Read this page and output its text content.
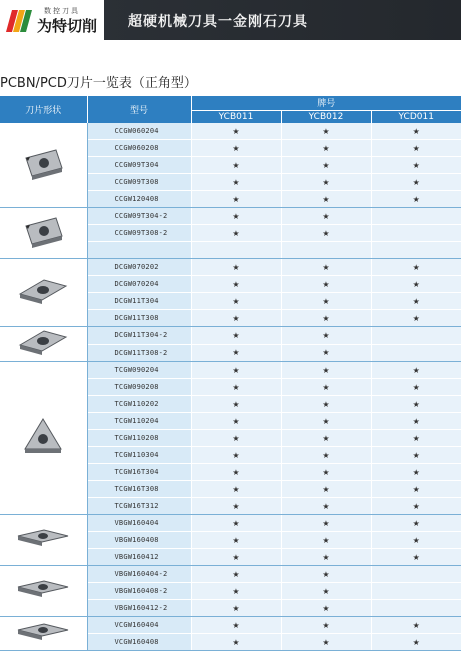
数控刀具
为特切削 超硬机械刀具一金刚石刀具
PCBN/PCD刀片一览表（正角型）
刀片形状	型号	牌号		
		YCB011	YCB012	YCD011
	CCGW060204	★	★	★
	CCGW060208	★	★	★
	CCGW09T304	★	★	★
	CCGW09T308	★	★	★
	CCGW120408	★	★	★
	CCGW09T304-2	★	★	
	CCGW09T308-2	★	★	

	DCGW070202	★	★	★
	DCGW070204	★	★	★
	DCGW11T304	★	★	★
	DCGW11T308	★	★	★
	DCGW11T304-2	★	★	
	DCGW11T308-2	★	★	
	TCGW090204	★	★	★
	TCGW090208	★	★	★
	TCGW110202	★	★	★
	TCGW110204	★	★	★
	TCGW110208	★	★	★
	TCGW110304	★	★	★
	TCGW16T304	★	★	★
	TCGW16T308	★	★	★
	TCGW16T312	★	★	★
	VBGW160404	★	★	★
	VBGW160408	★	★	★
	VBGW160412	★	★	★
	VBGW160404-2	★	★	
	VBGW160408-2	★	★	
	VBGW160412-2	★	★	
	VCGW160404	★	★	★
	VCGW160408	★	★	★
